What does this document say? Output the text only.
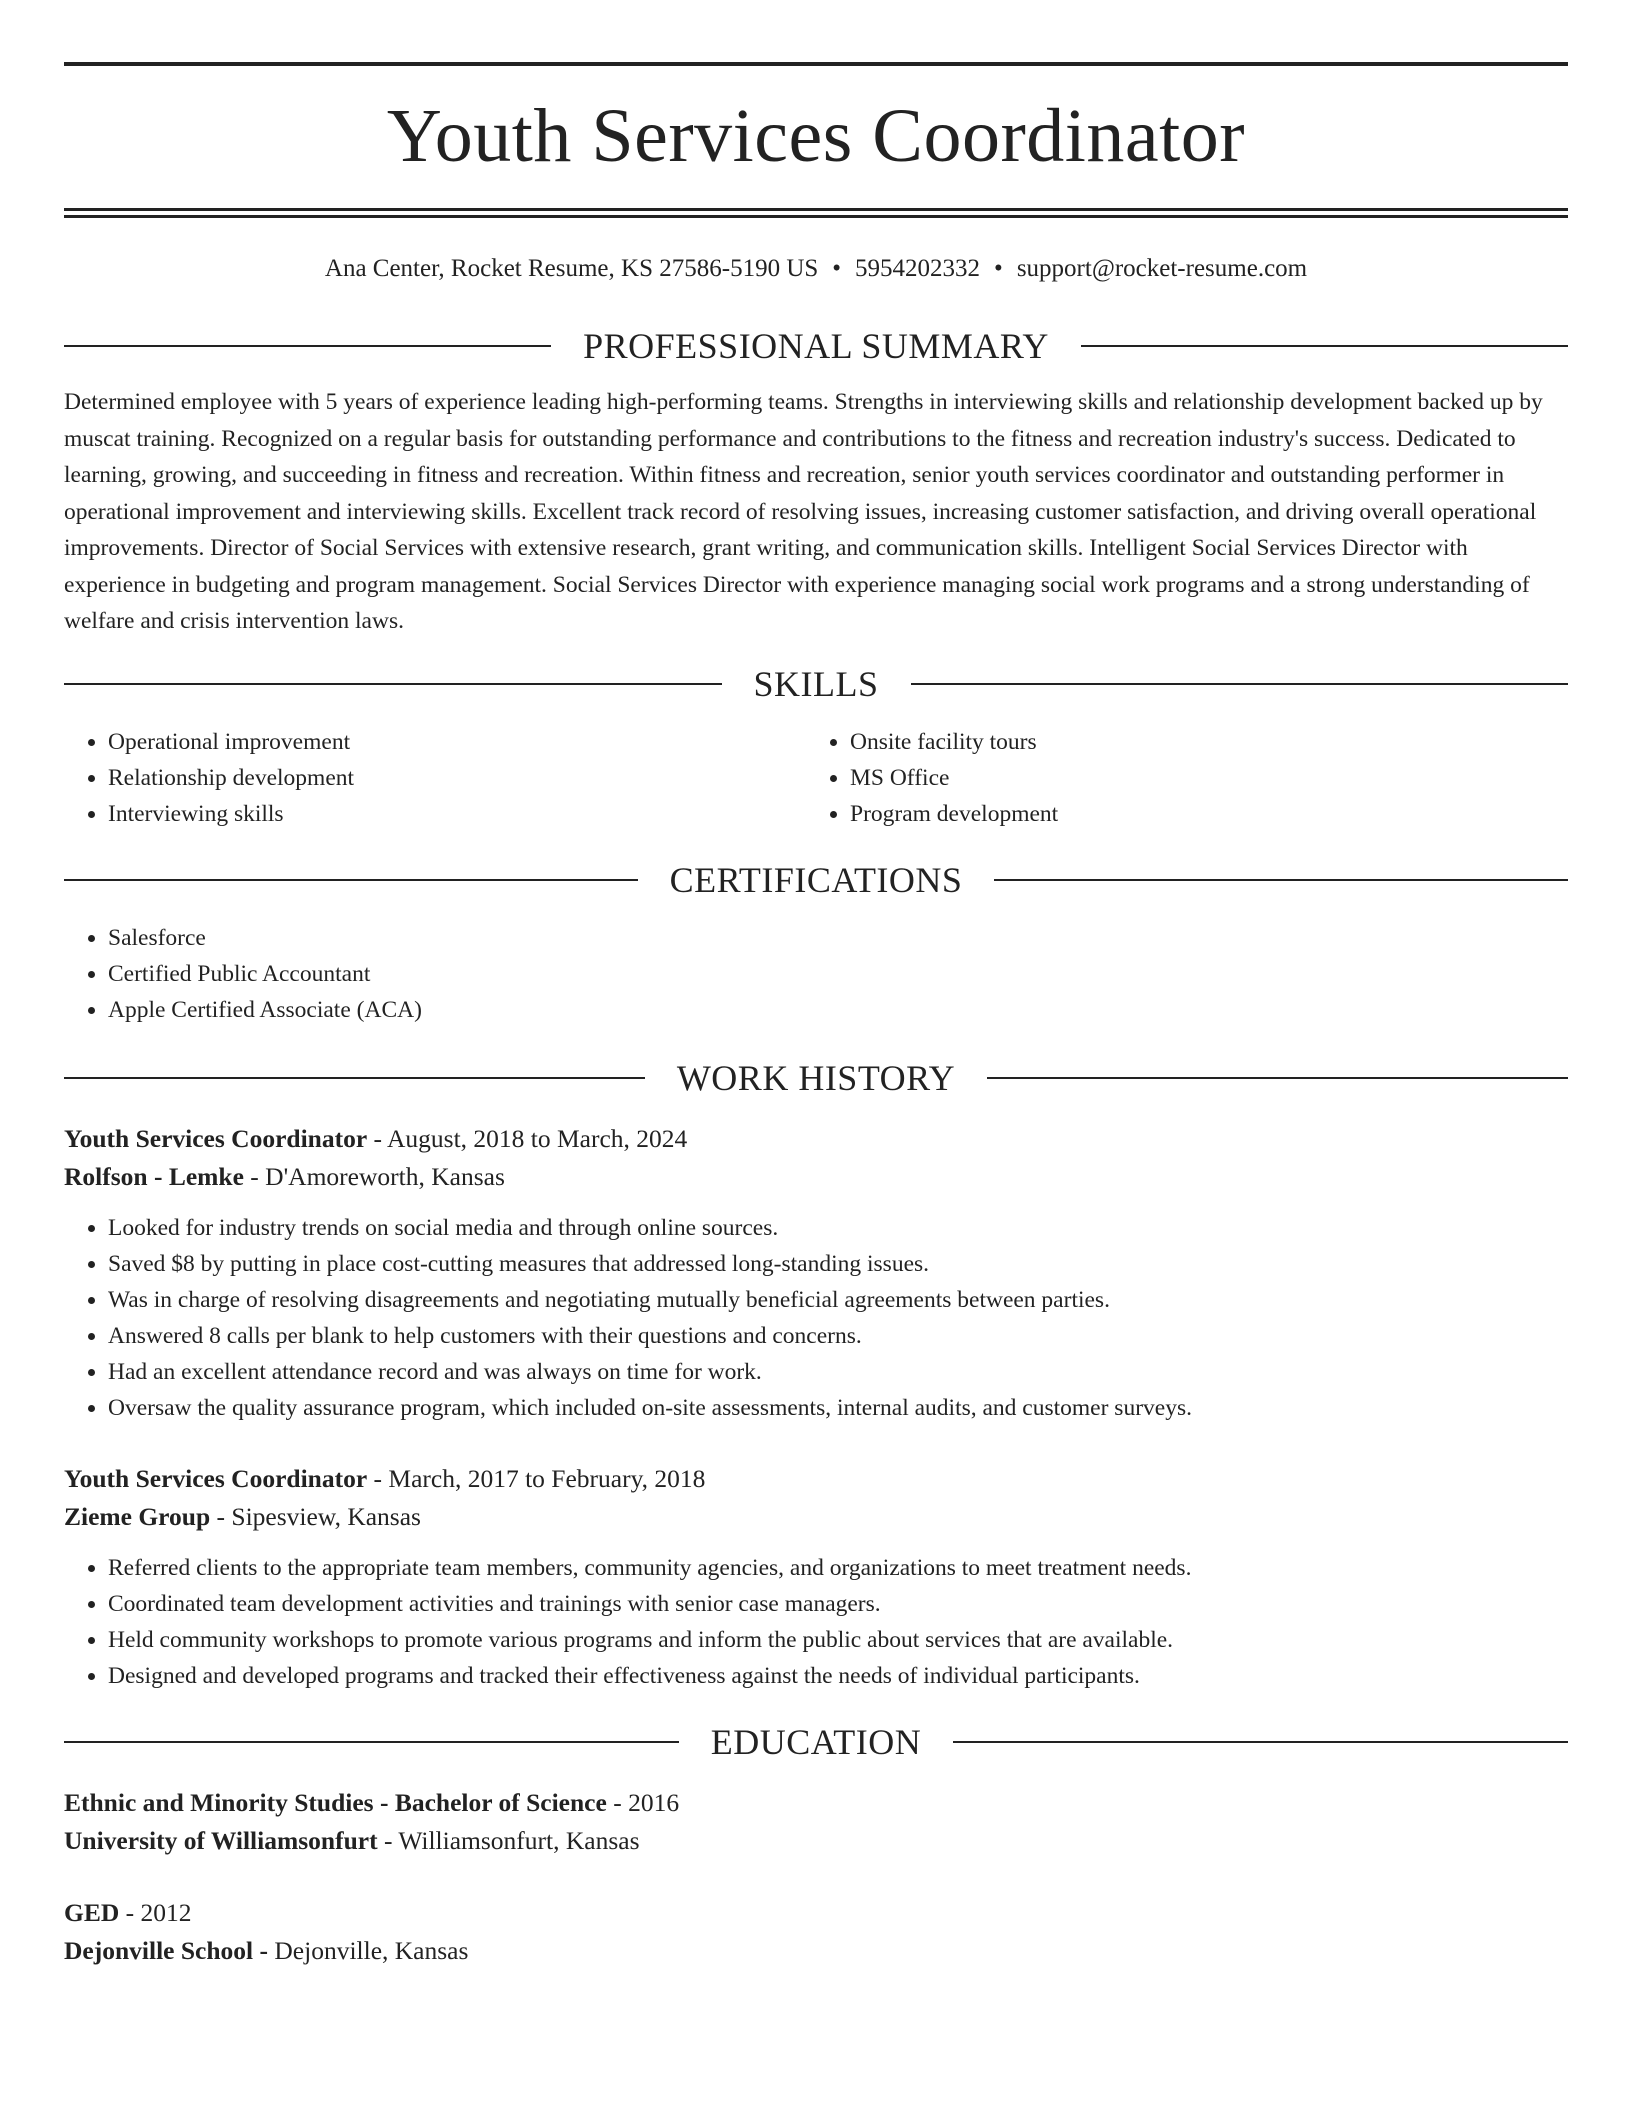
Youth Services Coordinator
Ana Center, Rocket Resume, KS 27586-5190 US • 5954202332 • support@rocket-resume.com
PROFESSIONAL SUMMARY
Determined employee with 5 years of experience leading high-performing teams. Strengths in interviewing skills and relationship development backed up by muscat training. Recognized on a regular basis for outstanding performance and contributions to the fitness and recreation industry's success. Dedicated to learning, growing, and succeeding in fitness and recreation. Within fitness and recreation, senior youth services coordinator and outstanding performer in operational improvement and interviewing skills. Excellent track record of resolving issues, increasing customer satisfaction, and driving overall operational improvements. Director of Social Services with extensive research, grant writing, and communication skills. Intelligent Social Services Director with experience in budgeting and program management. Social Services Director with experience managing social work programs and a strong understanding of welfare and crisis intervention laws.
SKILLS
• Operational improvement
• Relationship development
• Interviewing skills
• Onsite facility tours
• MS Office
• Program development
CERTIFICATIONS
• Salesforce
• Certified Public Accountant
• Apple Certified Associate (ACA)
WORK HISTORY
Youth Services Coordinator - August, 2018 to March, 2024
Rolfson - Lemke - D'Amoreworth, Kansas
• Looked for industry trends on social media and through online sources.
• Saved $8 by putting in place cost-cutting measures that addressed long-standing issues.
• Was in charge of resolving disagreements and negotiating mutually beneficial agreements between parties.
• Answered 8 calls per blank to help customers with their questions and concerns.
• Had an excellent attendance record and was always on time for work.
• Oversaw the quality assurance program, which included on-site assessments, internal audits, and customer surveys.
Youth Services Coordinator - March, 2017 to February, 2018
Zieme Group - Sipesview, Kansas
• Referred clients to the appropriate team members, community agencies, and organizations to meet treatment needs.
• Coordinated team development activities and trainings with senior case managers.
• Held community workshops to promote various programs and inform the public about services that are available.
• Designed and developed programs and tracked their effectiveness against the needs of individual participants.
EDUCATION
Ethnic and Minority Studies - Bachelor of Science - 2016
University of Williamsonfurt - Williamsonfurt, Kansas
GED - 2012
Dejonville School - Dejonville, Kansas
